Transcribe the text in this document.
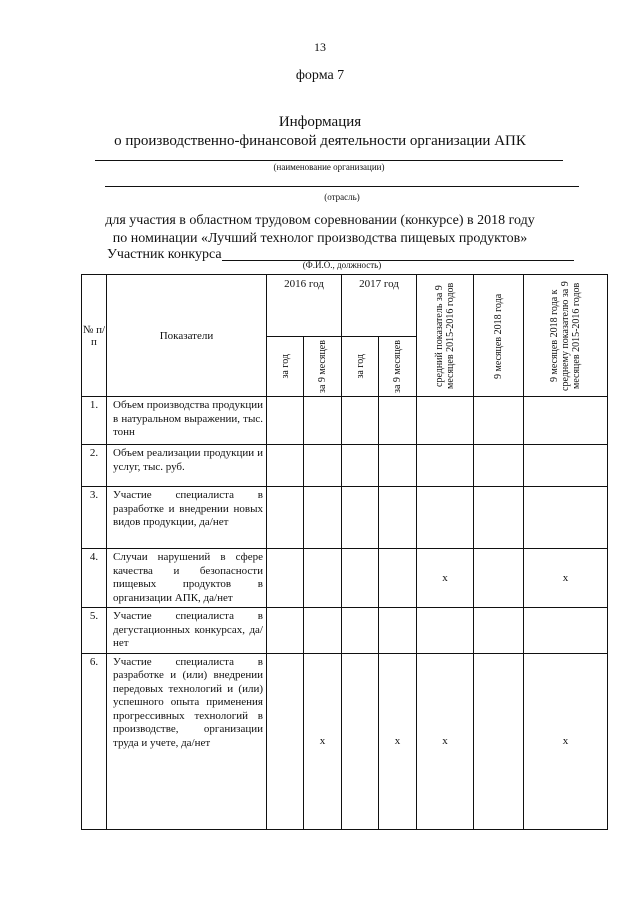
13
форма 7
Информация
о производственно-финансовой деятельности организации АПК
(наименование организации)
(отрасль)
для участия в областном трудовом соревновании (конкурсе) в 2018 году
по номинации «Лучший технолог производства пищевых продуктов»
Участник конкурса
(Ф.И.О., должность)
№ п/п	Показатели	2016 год		2017 год		средний показатель за 9 месяцев 2015-2016 годов	9 месяцев 2018 года	9 месяцев 2018 года к среднему показателю за 9 месяцев 2015-2016 годов

		за год	за 9 месяцев	за год	за 9 месяцев			

1.	Объем производства продукции в натуральном выражении, тыс. тонн							
2.	Объем реализации продукции и услуг, тыс. руб.							
3.	Участие специалиста в разработке и внедрении новых видов продукции, да/нет							
4.	Случаи нарушений в сфере качества и безопасности пищевых продуктов в организации АПК, да/нет					х		х
5.	Участие специалиста в дегустационных конкурсах, да/нет							
6.	Участие специалиста в разработке и (или) внедрении передовых технологий и (или) успешного опыта применения прогрессивных технологий в производстве, организации труда и учете, да/нет		х		х	х		х
